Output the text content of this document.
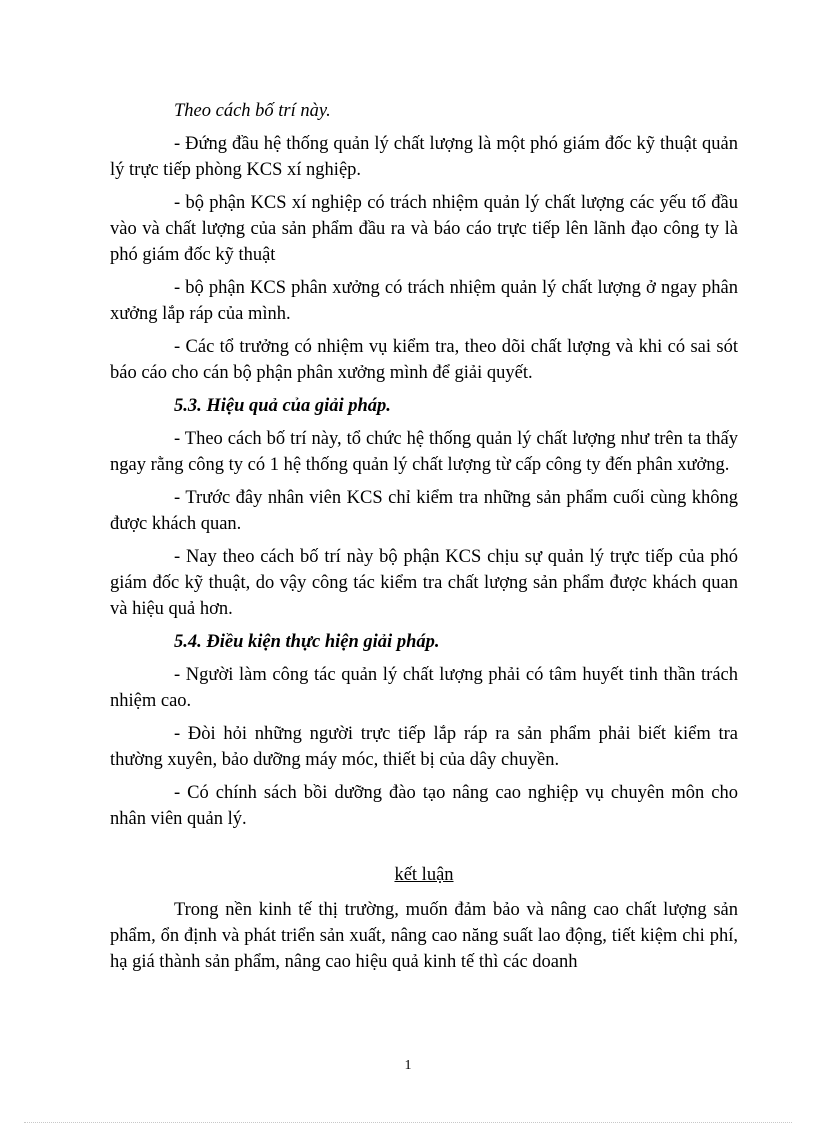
Theo cách bố trí này.

- Đứng đầu hệ thống quản lý chất lượng là một phó giám đốc kỹ thuật quản lý trực tiếp phòng KCS xí nghiệp.

- bộ phận KCS xí nghiệp có trách nhiệm quản lý chất lượng các yếu tố đầu vào và chất lượng của sản phẩm đầu ra và báo cáo trực tiếp lên lãnh đạo công ty là phó giám đốc kỹ thuật

- bộ phận KCS phân xưởng có trách nhiệm quản lý chất lượng ở ngay phân xưởng lắp ráp của mình.

- Các tổ trưởng có nhiệm vụ kiểm tra, theo dõi chất lượng và khi có sai sót báo cáo cho cán bộ phận phân xưởng mình để giải quyết.

5.3. Hiệu quả của giải pháp.

- Theo cách bố trí này, tổ chức hệ thống quản lý chất lượng như trên ta thấy ngay rằng công ty có 1 hệ thống quản lý chất lượng từ cấp công ty đến phân xưởng.

- Trước đây nhân viên KCS chỉ kiểm tra những sản phẩm cuối cùng không được khách quan.

- Nay theo cách bố trí này bộ phận KCS chịu sự quản lý trực tiếp của phó giám đốc kỹ thuật, do vậy công tác kiểm tra chất lượng sản phẩm được khách quan và hiệu quả hơn.

5.4. Điều kiện thực hiện giải pháp.

- Người làm công tác quản lý chất lượng phải có tâm huyết tinh thần trách nhiệm cao.

- Đòi hỏi những người trực tiếp lắp ráp ra sản phẩm phải biết kiểm tra thường xuyên, bảo dưỡng máy móc, thiết bị của dây chuyền.

- Có chính sách bồi dưỡng đào tạo nâng cao nghiệp vụ chuyên môn cho nhân viên quản lý.

kết luận

Trong nền kinh tế thị trường, muốn đảm bảo và nâng cao chất lượng sản phẩm, ổn định và phát triển sản xuất, nâng cao năng suất lao động, tiết kiệm chi phí, hạ giá thành sản phẩm, nâng cao hiệu quả kinh tế thì các doanh

1
